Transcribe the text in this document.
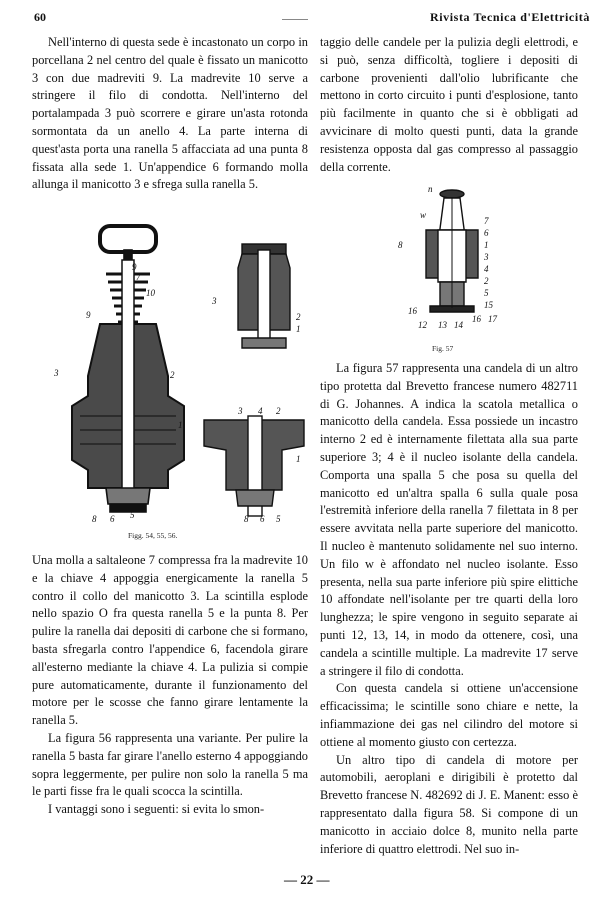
60	Rivista Tecnica d'Elettricità

Nell'interno di questa sede è incastonato un corpo in porcellana 2 nel centro del quale è fissato un manicotto 3 con due madreviti 9. La madrevite 10 serve a stringere il filo di condotta. Nell'interno del portalampada 3 può scorrere e girare un'asta rotonda sormontata da un anello 4. La parte interna di quest'asta porta una ranella 5 affacciata ad una punta 8 fissata alla sede 1. Un'appendice 6 formando molla allunga il manicotto 3 e sfrega sulla ranella 5.

9
7
10
9
3	2
1
8 6 5
3
2
1
3 4 2
1
8 6 5
Figg. 54, 55, 56.

Una molla a saltaleone 7 compressa fra la madrevite 10 e la chiave 4 appoggia energicamente la ranella 5 contro il collo del manicotto 3. La scintilla esplode nello spazio O fra questa ranella 5 e la punta 8. Per pulire la ranella dai depositi di carbone che si formano, basta sfregarla contro l'appendice 6, facendola girare all'esterno mediante la chiave 4. La pulizia si compie pure automaticamente, durante il funzionamento del motore per le scosse che fanno girare lentamente la ranella 5.

La figura 56 rappresenta una variante. Per pulire la ranella 5 basta far girare l'anello esterno 4 appoggiando sopra leggermente, per pulire non solo la ranella 5 ma le parti fisse fra le quali scocca la scintilla.

I vantaggi sono i seguenti: si evita lo smon-

taggio delle candele per la pulizia degli elettrodi, e si può, senza difficoltà, togliere i depositi di carbone provenienti dall'olio lubrificante che mettono in corto circuito i punti d'esplosione, tanto più facilmente in quanto che si è obbligati ad avvicinare di molto questi punti, data la grande resistenza opposta dal gas compresso al passaggio della corrente.

n
w
7
8
6
1
3
4
2
5
15
16
16 17
12 13 14
Fig. 57

La figura 57 rappresenta una candela di un altro tipo protetta dal Brevetto francese numero 482711 di G. Johannes. A indica la scatola metallica o manicotto della candela. Essa possiede un incastro interno 2 ed è internamente filettata alla sua parte superiore 3; 4 è il nucleo isolante della candela. Comporta una spalla 5 che posa su quella del manicotto ed un'altra spalla 6 sulla quale posa l'estremità inferiore della ranella 7 filettata in 8 per essere avvitata nella parte superiore del manicotto. Il nucleo è mantenuto solidamente nel suo interno. Un filo w è affondato nel nucleo isolante. Esso presenta, nella sua parte inferiore più spire elittiche 10 affondate nell'isolante per tre quarti della loro lunghezza; le spire vengono in seguito separate ai punti 12, 13, 14, in modo da ottenere, così, una candela a scintille multiple. La madrevite 17 serve a stringere il filo di condotta.

Con questa candela si ottiene un'accensione efficacissima; le scintille sono chiare e nette, la infiammazione dei gas nel cilindro del motore si ottiene al momento giusto con certezza.

Un altro tipo di candela di motore per automobili, aeroplani e dirigibili è protetto dal Brevetto francese N. 482692 di J. E. Manent: esso è rappresentato dalla figura 58. Si compone di un manicotto in acciaio dolce 8, munito nella parte inferiore di quattro elettrodi. Nel suo in-

— 22 —
